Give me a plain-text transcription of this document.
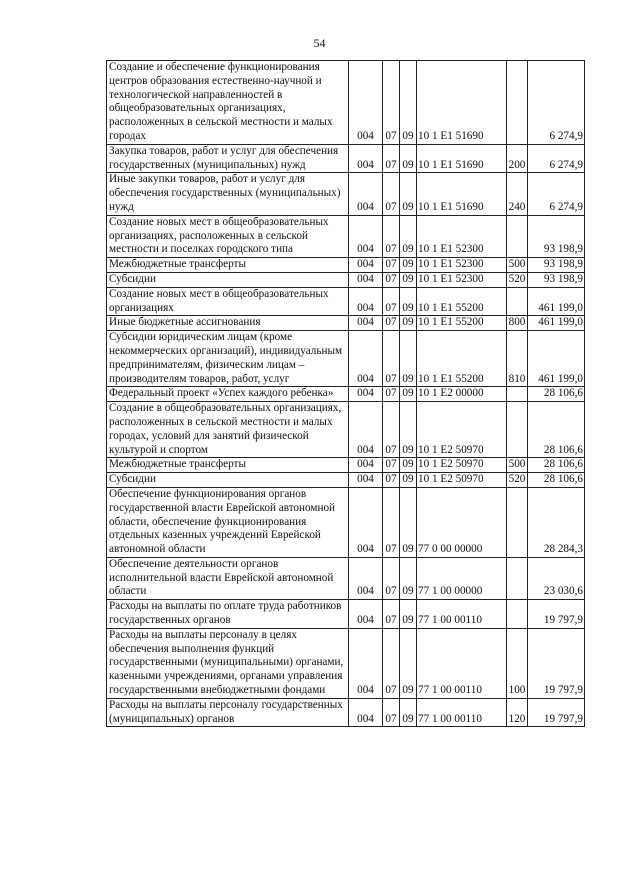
54
Создание и обеспечение функционирования центров образования естественно-научной и технологической направленностей в общеобразовательных организациях, расположенных в сельской местности и малых городах	004	07	09	10 1 Е1 51690		6 274,9

Закупка товаров, работ и услуг для обеспечения государственных (муниципальных) нужд	004	07	09	10 1 Е1 51690	200	6 274,9

Иные закупки товаров, работ и услуг для обеспечения государственных (муниципальных) нужд	004	07	09	10 1 Е1 51690	240	6 274,9

Создание новых мест в общеобразовательных организациях, расположенных в сельской местности и поселках городского типа	004	07	09	10 1 Е1 52300		93 198,9

Межбюджетные трансферты	004	07	09	10 1 Е1 52300	500	93 198,9

Субсидии	004	07	09	10 1 Е1 52300	520	93 198,9

Создание новых мест в общеобразовательных организациях	004	07	09	10 1 Е1 55200		461 199,0

Иные бюджетные ассигнования	004	07	09	10 1 Е1 55200	800	461 199,0

Субсидии юридическим лицам (кроме некоммерческих организаций), индивидуальным предпринимателям, физическим лицам – производителям товаров, работ, услуг	004	07	09	10 1 Е1 55200	810	461 199,0

Федеральный проект «Успех каждого ребенка»	004	07	09	10 1 Е2 00000		28 106,6

Создание в общеобразовательных организациях, расположенных в сельской местности и малых городах, условий для занятий физической культурой и спортом	004	07	09	10 1 Е2 50970		28 106,6

Межбюджетные трансферты	004	07	09	10 1 Е2 50970	500	28 106,6

Субсидии	004	07	09	10 1 Е2 50970	520	28 106,6

Обеспечение функционирования органов государственной власти Еврейской автономной области, обеспечение функционирования отдельных казенных учреждений Еврейской автономной области	004	07	09	77 0 00 00000		28 284,3

Обеспечение деятельности органов исполнительной власти Еврейской автономной области	004	07	09	77 1 00 00000		23 030,6

Расходы на выплаты по оплате труда работников государственных органов	004	07	09	77 1 00 00110		19 797,9

Расходы на выплаты персоналу в целях обеспечения выполнения функций государственными (муниципальными) органами, казенными учреждениями, органами управления государственными внебюджетными фондами	004	07	09	77 1 00 00110	100	19 797,9

Расходы на выплаты персоналу государственных (муниципальных) органов	004	07	09	77 1 00 00110	120	19 797,9
